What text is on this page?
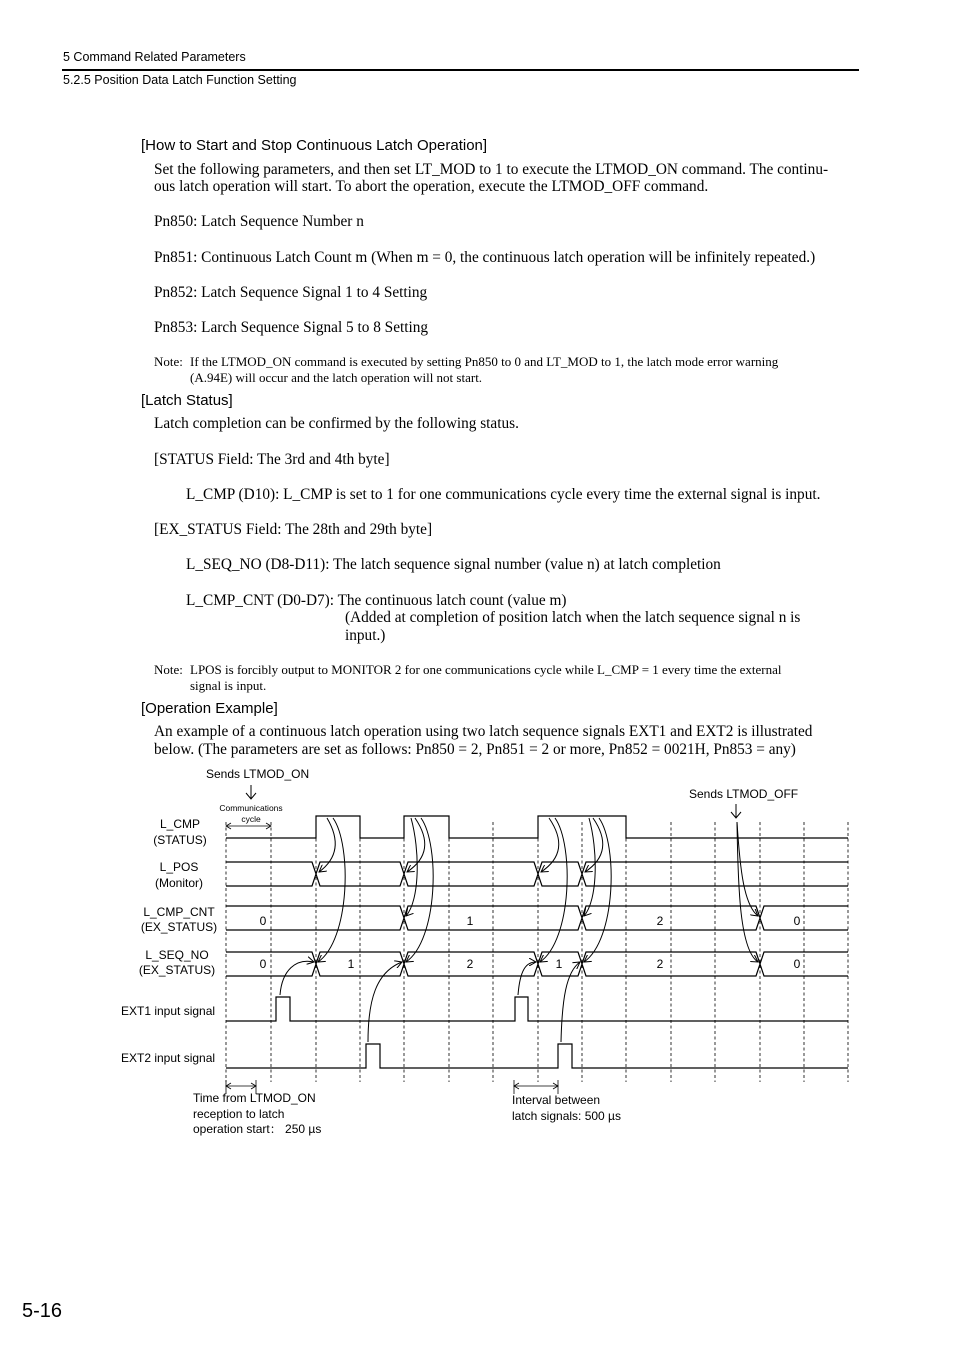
5 Command Related Parameters
5.2.5 Position Data Latch Function Setting
[How to Start and Stop Continuous Latch Operation]
Set the following parameters, and then set LT_MOD to 1 to execute the LTMOD_ON command. The continu-
ous latch operation will start. To abort the operation, execute the LTMOD_OFF command.
Pn850: Latch Sequence Number n
Pn851: Continuous Latch Count m (When m = 0, the continuous latch operation will be infinitely repeated.)
Pn852: Latch Sequence Signal 1 to 4 Setting
Pn853: Larch Sequence Signal 5 to 8 Setting
Note: If the LTMOD_ON command is executed by setting Pn850 to 0 and LT_MOD to 1, the latch mode error warning
(A.94E) will occur and the latch operation will not start.
[Latch Status]
Latch completion can be confirmed by the following status.
[STATUS Field: The 3rd and 4th byte]
L_CMP (D10): L_CMP is set to 1 for one communications cycle every time the external signal is input.
[EX_STATUS Field: The 28th and 29th byte]
L_SEQ_NO (D8-D11): The latch sequence signal number (value n) at latch completion
L_CMP_CNT (D0-D7): The continuous latch count (value m)
(Added at completion of position latch when the latch sequence signal n is
input.)
Note: LPOS is forcibly output to MONITOR 2 for one communications cycle while L_CMP = 1 every time the external
signal is input.
[Operation Example]
An example of a continuous latch operation using two latch sequence signals EXT1 and EXT2 is illustrated
below. (The parameters are set as follows: Pn850 = 2, Pn851 = 2 or more, Pn852 = 0021H, Pn853 = any)
Sends LTMOD_ON
Sends LTMOD_OFF
Communications
cycle
L_CMP
(STATUS)
L_POS
(Monitor)
L_CMP_CNT
(EX_STATUS)
L_SEQ_NO
(EX_STATUS)
EXT1 input signal
EXT2 input signal
0	1	2	0
0	1	2	1	2	0
Time from LTMOD_ON
reception to latch
operation start： 250 µs
Interval between
latch signals: 500 µs
5-16
